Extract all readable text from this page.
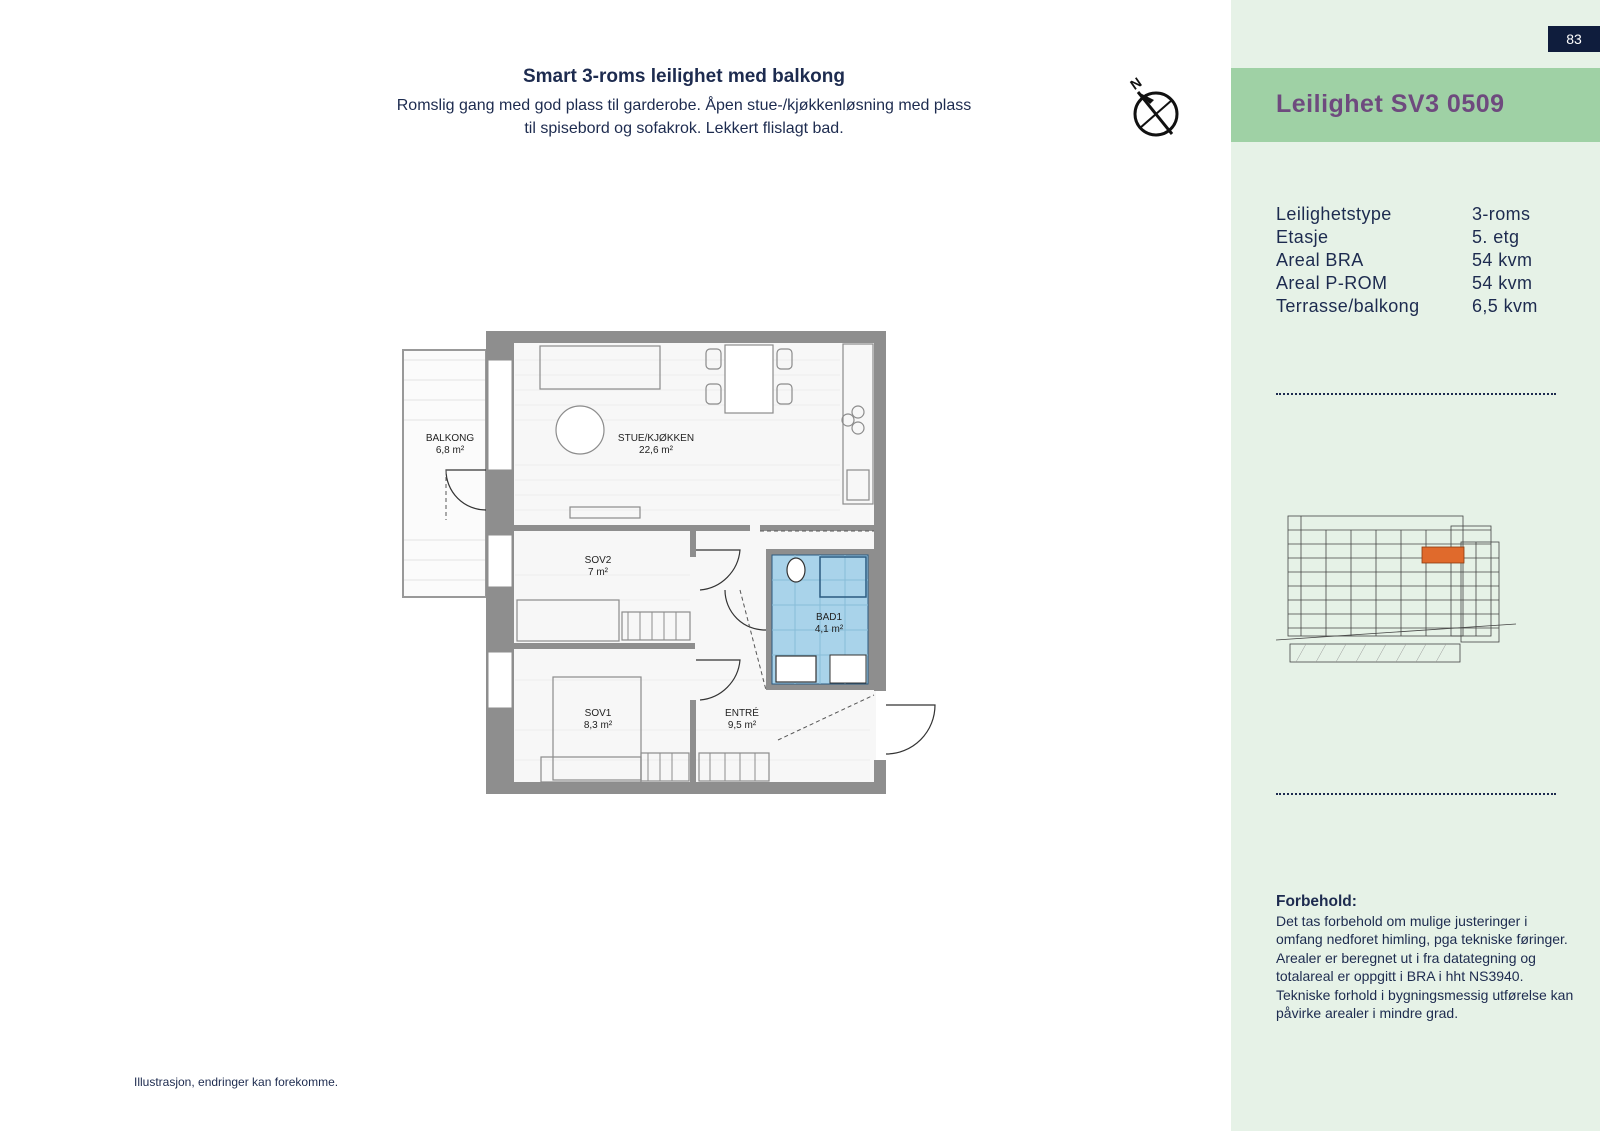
Smart 3-roms leilighet med balkong
Romslig gang med god plass til garderobe. Åpen stue-/kjøkkenløsning med plass
til spisebord og sofakrok. Lekkert flislagt bad.
N
BALKONG
6,8 m²
STUE/KJØKKEN
22,6 m²
SOV2
7 m²
BAD1
4,1 m²
SOV1
8,3 m²
ENTRÉ
9,5 m²
Illustrasjon, endringer kan forekomme.
83
Leilighet SV3 0509
Leilighetstype	3-roms
Etasje	5. etg
Areal BRA	54 kvm
Areal P-ROM	54 kvm
Terrasse/balkong	6,5 kvm
Forbehold:
Det tas forbehold om mulige justeringer i omfang nedforet himling, pga tekniske føringer. Arealer er beregnet ut i fra datategning og totalareal er oppgitt i BRA i hht NS3940. Tekniske forhold i bygningsmessig utførelse kan påvirke arealer i mindre grad.
